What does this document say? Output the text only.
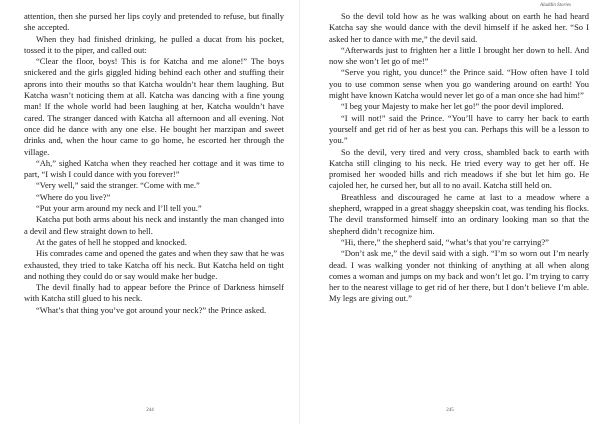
attention, then she pursed her lips coyly and pretended to refuse, but finally she accepted.

When they had finished drinking, he pulled a ducat from his pocket, tossed it to the piper, and called out:

“Clear the floor, boys! This is for Katcha and me alone!” The boys snickered and the girls giggled hiding behind each other and stuffing their aprons into their mouths so that Katcha wouldn’t hear them laughing. But Katcha wasn’t noticing them at all. Katcha was dancing with a fine young man! If the whole world had been laughing at her, Katcha wouldn’t have cared. The stranger danced with Katcha all afternoon and all evening. Not once did he dance with any one else. He bought her marzipan and sweet drinks and, when the hour came to go home, he escorted her through the village.

“Ah,” sighed Katcha when they reached her cottage and it was time to part, “I wish I could dance with you forever!”

“Very well,” said the stranger. “Come with me.”

“Where do you live?”

“Put your arm around my neck and I’ll tell you.”

Katcha put both arms about his neck and instantly the man changed into a devil and flew straight down to hell.

At the gates of hell he stopped and knocked.

His comrades came and opened the gates and when they saw that he was exhausted, they tried to take Katcha off his neck. But Katcha held on tight and nothing they could do or say would make her budge.

The devil finally had to appear before the Prince of Darkness himself with Katcha still glued to his neck.

“What’s that thing you’ve got around your neck?” the Prince asked.

244
Aladdin Stories

So the devil told how as he was walking about on earth he had heard Katcha say she would dance with the devil himself if he asked her. “So I asked her to dance with me,” the devil said.

“Afterwards just to frighten her a little I brought her down to hell. And now she won’t let go of me!”

“Serve you right, you dunce!” the Prince said. “How often have I told you to use common sense when you go wandering around on earth! You might have known Katcha would never let go of a man once she had him!”

“I beg your Majesty to make her let go!” the poor devil implored.

“I will not!” said the Prince. “You’ll have to carry her back to earth yourself and get rid of her as best you can. Perhaps this will be a lesson to you.”

So the devil, very tired and very cross, shambled back to earth with Katcha still clinging to his neck. He tried every way to get her off. He promised her wooded hills and rich meadows if she but let him go. He cajoled her, he cursed her, but all to no avail. Katcha still held on.

Breathless and discouraged he came at last to a meadow where a shepherd, wrapped in a great shaggy sheepskin coat, was tending his flocks. The devil transformed himself into an ordinary looking man so that the shepherd didn’t recognize him.

“Hi, there,” the shepherd said, “what’s that you’re carrying?”

“Don’t ask me,” the devil said with a sigh. “I’m so worn out I’m nearly dead. I was walking yonder not thinking of anything at all when along comes a woman and jumps on my back and won’t let go. I’m trying to carry her to the nearest village to get rid of her there, but I don’t believe I’m able. My legs are giving out.”

245
